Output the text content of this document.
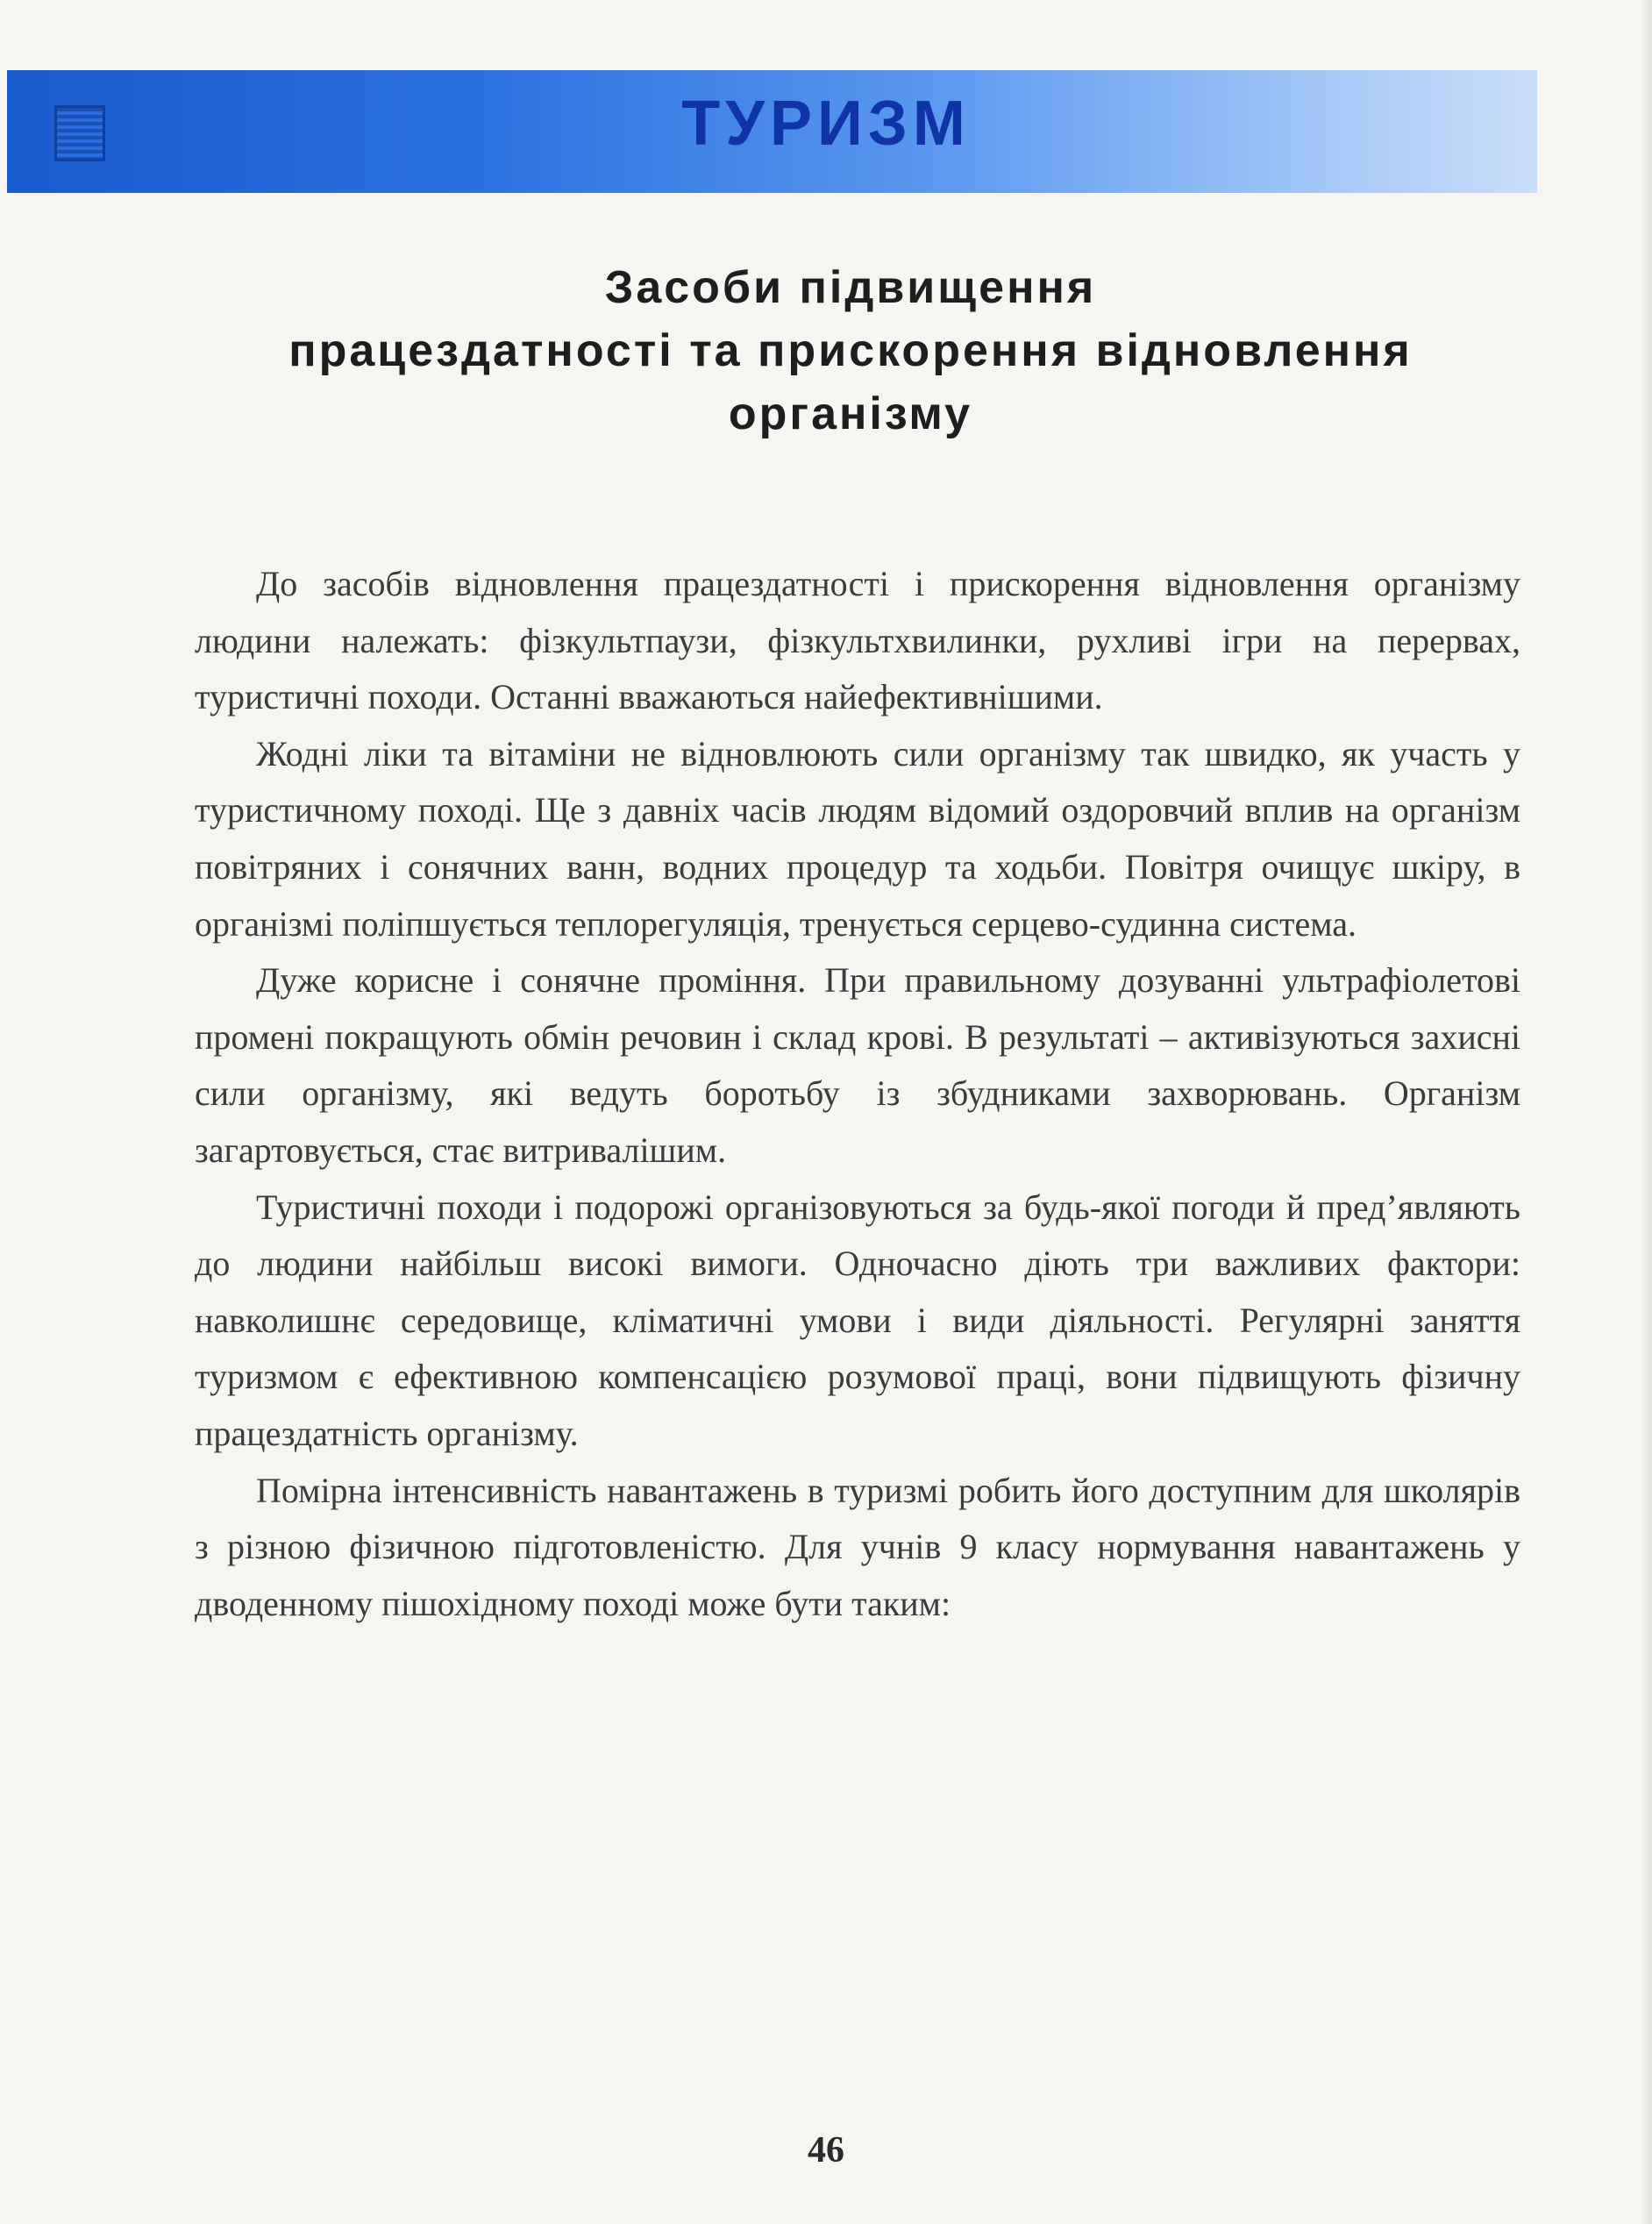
ТУРИЗМ
Засоби підвищення
працездатності та прискорення відновлення
організму

До засобів відновлення працездатності і прискорення відновлення організму людини належать: фізкультпаузи, фізкультхвилинки, рухливі ігри на перервах, туристичні походи. Останні вважаються найефективнішими.

Жодні ліки та вітаміни не відновлюють сили організму так швидко, як участь у туристичному поході. Ще з давніх часів людям відомий оздоровчий вплив на організм повітряних і сонячних ванн, водних процедур та ходьби. Повітря очищує шкіру, в організмі поліпшується теплорегуляція, тренується серцево-судинна система.

Дуже корисне і сонячне проміння. При правильному дозуванні ультрафіолетові промені покращують обмін речовин і склад крові. В результаті – активізуються захисні сили організму, які ведуть боротьбу із збудниками захворювань. Організм загартовується, стає витривалішим.

Туристичні походи і подорожі організовуються за будь-якої погоди й пред’являють до людини найбільш високі вимоги. Одночасно діють три важливих фактори: навколишнє середовище, кліматичні умови і види діяльності. Регулярні заняття туризмом є ефективною компенсацією розумової праці, вони підвищують фізичну працездатність організму.

Помірна інтенсивність навантажень в туризмі робить його доступним для школярів з різною фізичною підготовленістю. Для учнів 9 класу нормування навантажень у дводенному пішохідному поході може бути таким:

46
